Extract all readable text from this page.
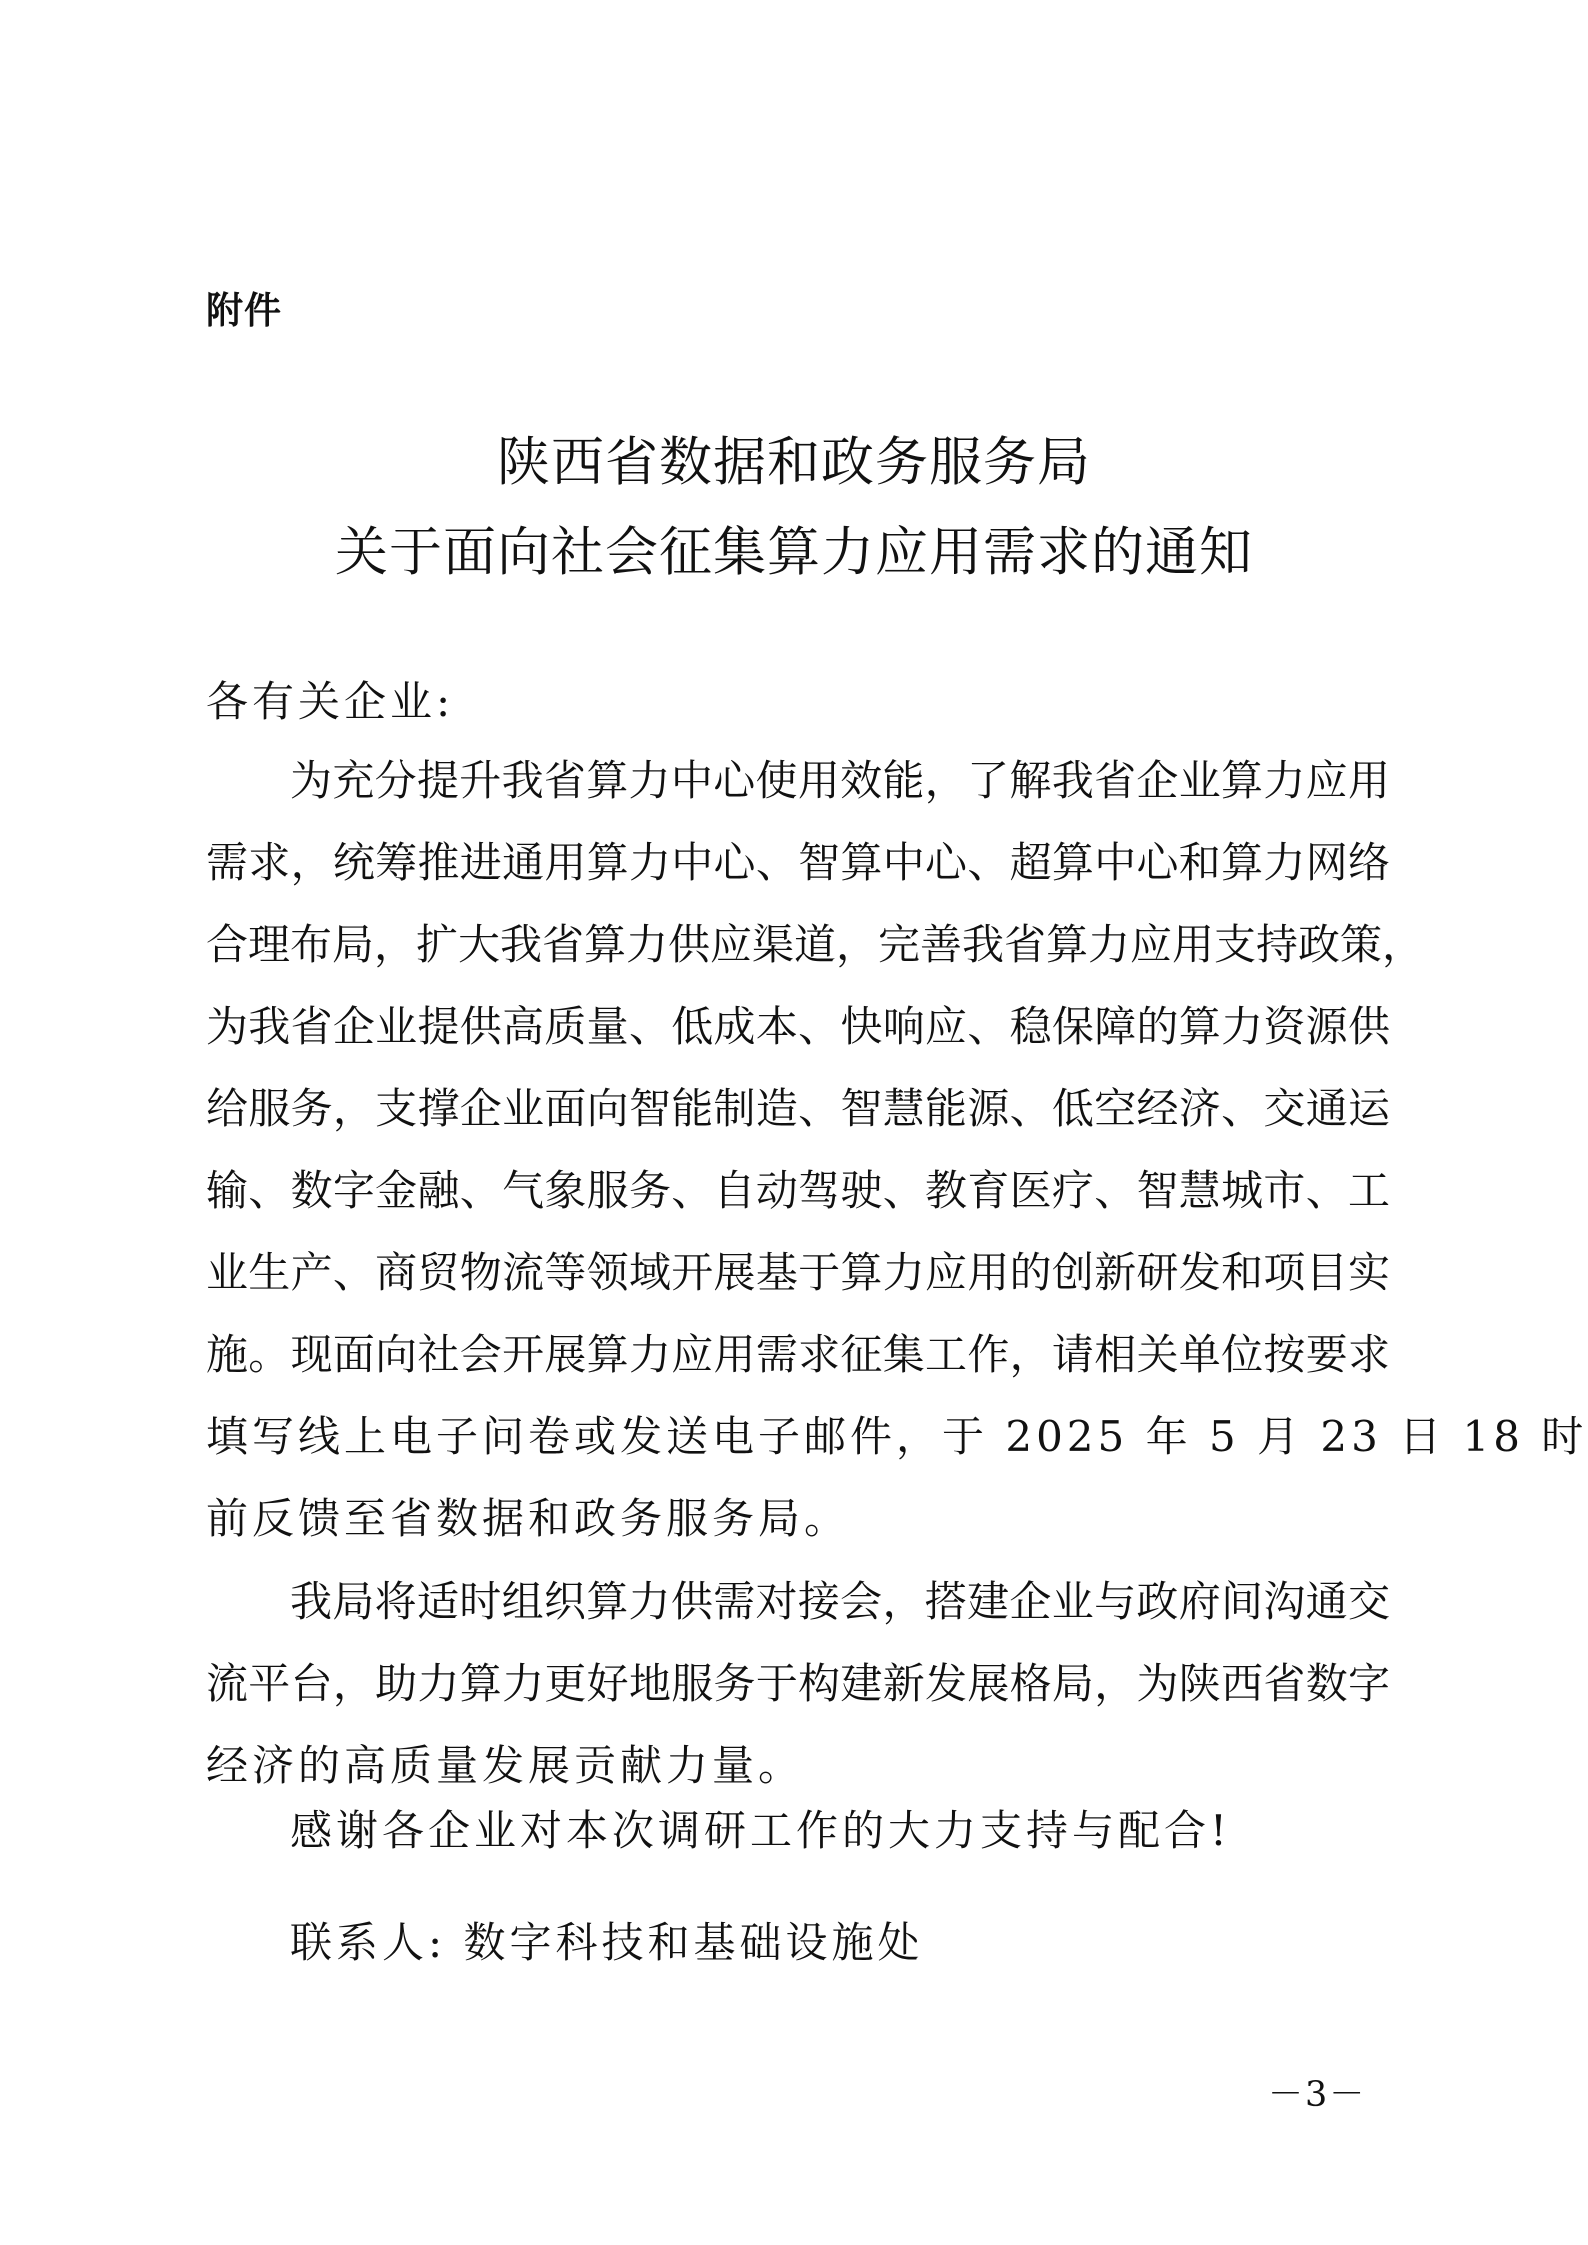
附件
陕西省数据和政务服务局
关于面向社会征集算力应用需求的通知
各有关企业:
为充分提升我省算力中心使用效能，了解我省企业算力应用
需求，统筹推进通用算力中心、智算中心、超算中心和算力网络
合理布局，扩大我省算力供应渠道，完善我省算力应用支持政策，
为我省企业提供高质量、低成本、快响应、稳保障的算力资源供
给服务，支撑企业面向智能制造、智慧能源、低空经济、交通运
输、数字金融、气象服务、自动驾驶、教育医疗、智慧城市、工
业生产、商贸物流等领域开展基于算力应用的创新研发和项目实
施。现面向社会开展算力应用需求征集工作，请相关单位按要求
填写线上电子问卷或发送电子邮件，于 2025 年 5 月 23 日 18 时
前反馈至省数据和政务服务局。
我局将适时组织算力供需对接会，搭建企业与政府间沟通交
流平台，助力算力更好地服务于构建新发展格局，为陕西省数字
经济的高质量发展贡献力量。
感谢各企业对本次调研工作的大力支持与配合!
联系人: 数字科技和基础设施处
－3－
